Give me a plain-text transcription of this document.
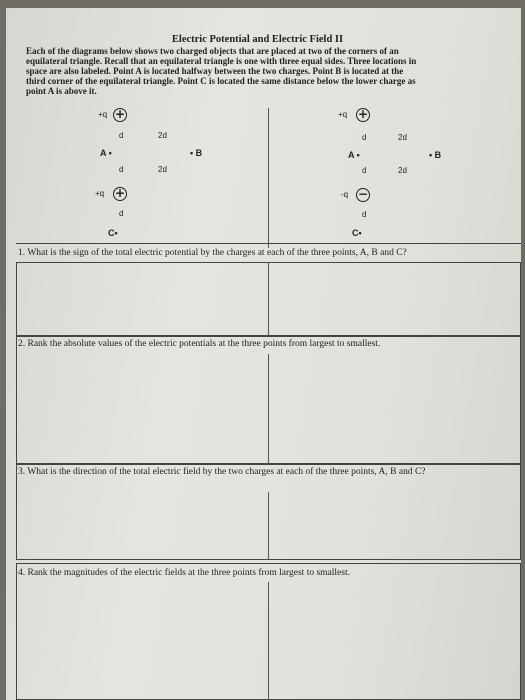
Electric Potential and Electric Field II

Each of the diagrams below shows two charged objects that are placed at two of the corners of an

equilateral triangle. Recall that an equilateral triangle is one with three equal sides. Three locations in

space are also labeled. Point A is located halfway between the two charges. Point B is located at the

third corner of the equilateral triangle. Point C is located the same distance below the lower charge as

point A is above it.

+q +
d	2d
A •	• B
d	2d
+q +
d
C•
+q +
d	2d
A •	• B
d	2d
-q −
d
C•
1. What is the sign of the total electric potential by the charges at each of the three points, A, B and C?
2. Rank the absolute values of the electric potentials at the three points from largest to smallest.
3. What is the direction of the total electric field by the two charges at each of the three points, A, B and C?
4. Rank the magnitudes of the electric fields at the three points from largest to smallest.
